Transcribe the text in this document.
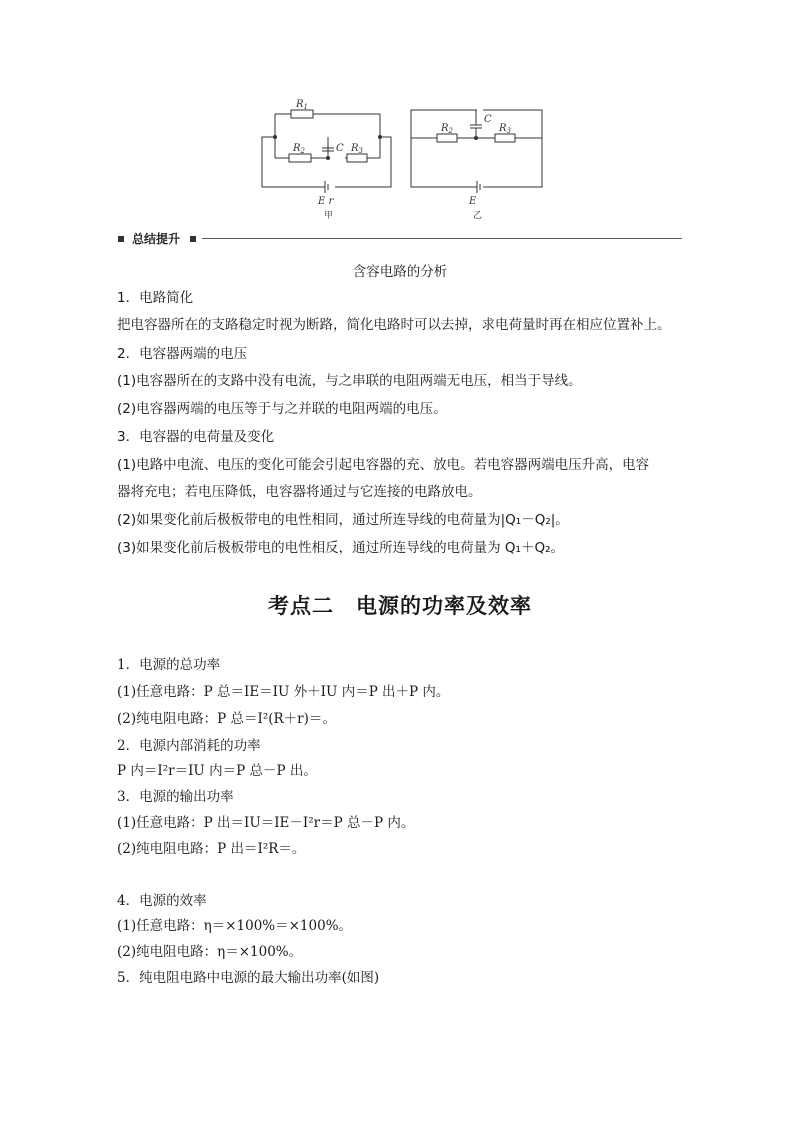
$R_1$
$R_2$	C $R_3$
E r
$R_2$
C
$R_3$
E
甲	乙
总结提升
含容电路的分析
1．电路简化
把电容器所在的支路稳定时视为断路，简化电路时可以去掉，求电荷量时再在相应位置补上。
2．电容器两端的电压
(1)电容器所在的支路中没有电流，与之串联的电阻两端无电压，相当于导线。
(2)电容器两端的电压等于与之并联的电阻两端的电压。
3．电容器的电荷量及变化
(1)电路中电流、电压的变化可能会引起电容器的充、放电。若电容器两端电压升高，电容
器将充电；若电压降低，电容器将通过与它连接的电路放电。
(2)如果变化前后极板带电的电性相同，通过所连导线的电荷量为|Q₁－Q₂|。
(3)如果变化前后极板带电的电性相反，通过所连导线的电荷量为 Q₁＋Q₂。
考点二　电源的功率及效率
1．电源的总功率
(1)任意电路：P 总＝IE＝IU 外＋IU 内＝P 出＋P 内。
(2)纯电阻电路：P 总＝I²(R＋r)＝。
2．电源内部消耗的功率
P 内＝I²r＝IU 内＝P 总－P 出。
3．电源的输出功率
(1)任意电路：P 出＝IU＝IE－I²r＝P 总－P 内。
(2)纯电阻电路：P 出＝I²R＝。
4．电源的效率
(1)任意电路：η＝×100%＝×100%。
(2)纯电阻电路：η＝×100%。
5．纯电阻电路中电源的最大输出功率(如图)
